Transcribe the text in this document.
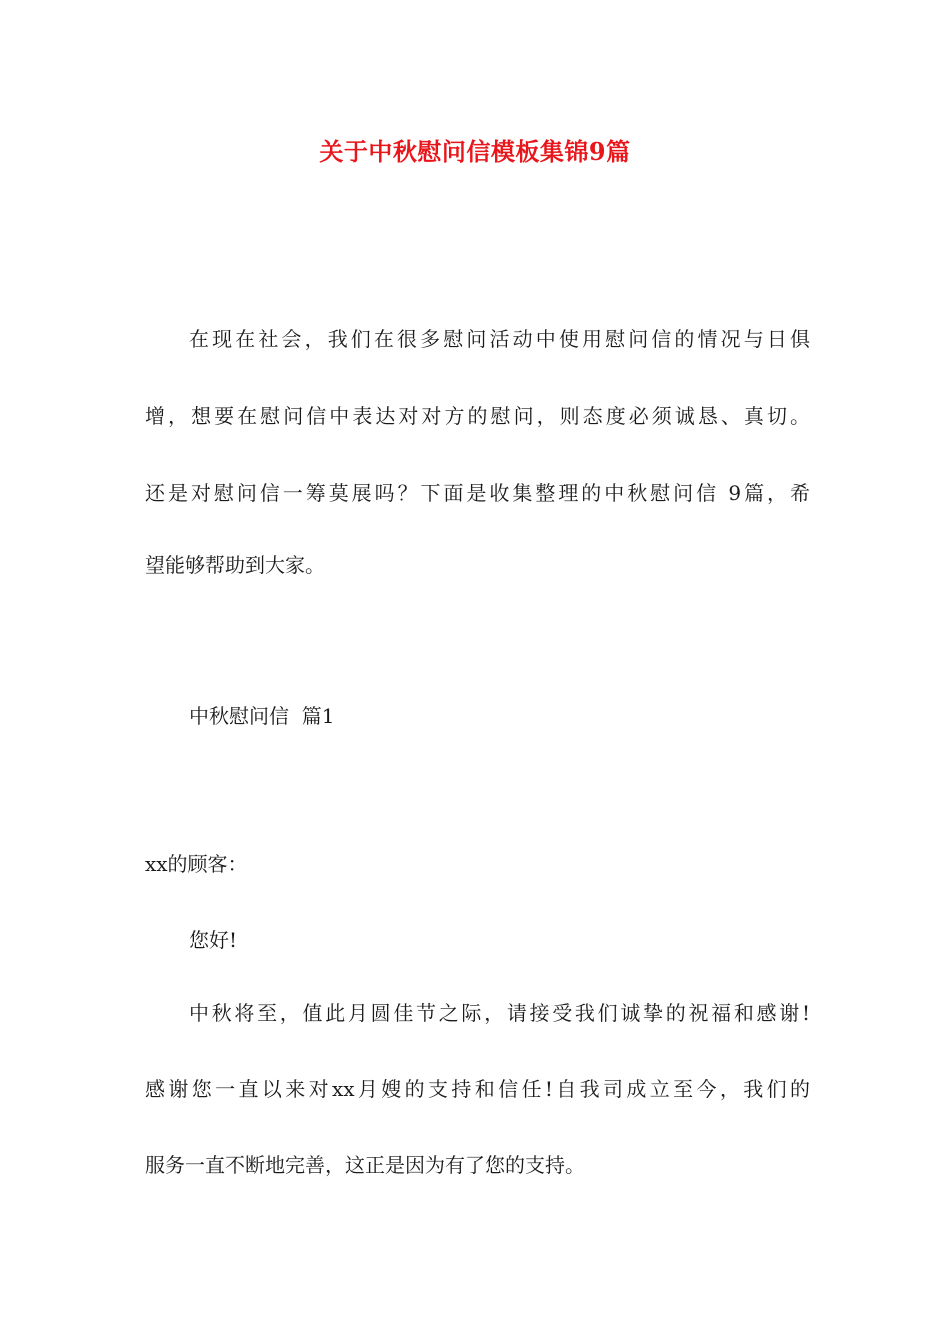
关于中秋慰问信模板集锦9篇
在现在社会，我们在很多慰问活动中使用慰问信的情况与日俱
增，想要在慰问信中表达对对方的慰问，则态度必须诚恳、真切。
还是对慰问信一筹莫展吗？下面是收集整理的中秋慰问信 9篇，希
望能够帮助到大家。
中秋慰问信  篇1
xx的顾客：
您好!
中秋将至，值此月圆佳节之际，请接受我们诚挚的祝福和感谢!
感谢您一直以来对xx月嫂的支持和信任!自我司成立至今，我们的
服务一直不断地完善，这正是因为有了您的支持。
